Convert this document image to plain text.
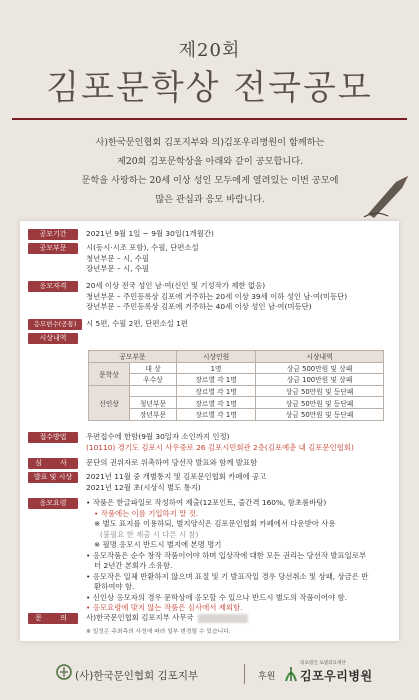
제20회
김포문학상 전국공모
사)한국문인협회 김포지부와 의)김포우리병원이 함께하는
제20회 김포문학상을 아래와 같이 공모합니다.
문학을 사랑하는 20세 이상 성인 모두에게 열려있는 이번 공모에
많은 관심과 응모 바랍니다.
공모기간	2021년 9월 1일 ~ 9월 30일(1개월간)
공모부문	시(동시·시조 포함), 수필, 단편소설
청년부문 – 시, 수필
장년부문 – 시, 수필
응모자격	20세 이상 전국 성인 남·여(신인 및 기성작가 제한 없음)
청년부문 – 주민등록상 김포에 거주하는 20세 이상 39세 이하 성인 남·여(미등단)
장년부문 – 주민등록상 김포에 거주하는 40세 이상 성인 남·여(미등단)
응모편수(공통)	시 5편, 수필 2편, 단편소설 1편
시상내역
공모부문		시상인원	시상내역
문학상	대 상	1명	상금 500만원 및 상패
	우수상	장르별 각 1명	상금 100만원 및 상패
신인상		장르별 각 1명	상금 50만원 및 등단패
	청년부문	장르별 각 1명	상금 50만원 및 등단패
	장년부문	장르별 각 1명	상금 50만원 및 등단패
접수방법	우편접수에 한함(9월 30일자 소인까지 인정)
(10110) 경기도 김포시 사우중로 26 김포시민회관 2층(김포예총 내 김포문인협회)
심 사	문단의 권위자로 위촉하여 당선작 발표와 함께 발표함
발표 및 시상	2021년 11월 중 개별통지 및 김포문인협회 카페에 공고
2021년 12월 초(시상식 별도 통지)
응모요령	• 작품은 한글파일로 작성하여 제출(12포인트, 줄간격 160%, 함초롬바탕)
• 작품에는 이름 기입하지 말 것.
※ 별도 표지를 이용하되, 별지양식은 김포문인협회 카페에서 다운받아 사용
(불필요 한 제출 시 다른 시 참)
※ 필명 응모시 반드시 별지에 본명 명기
• 응모작품은 순수 창작 작품이어야 하며 입상작에 대한 모든 권리는 당선작 발표일로부
터 2년간 본회가 소유함.
• 응모작은 일체 반환하지 않으며 표절 및 기 발표작일 경우 당선취소 및 상패, 상금은 반
환하여야 함.
• 신인상 응모자의 경우 문학상에 응모할 수 있으나 반드시 별도의 작품이어야 함.
• 응모요령에 맞지 않는 작품은 심사에서 제외함.
문 의	사)한국문인협회 김포지부 사무국
※ 일정은 주최측의 사정에 따라 일부 변경될 수 있습니다.
(사)한국문인협회 김포지부	후원
의료법인 로뎀의료재단
김포우리병원
